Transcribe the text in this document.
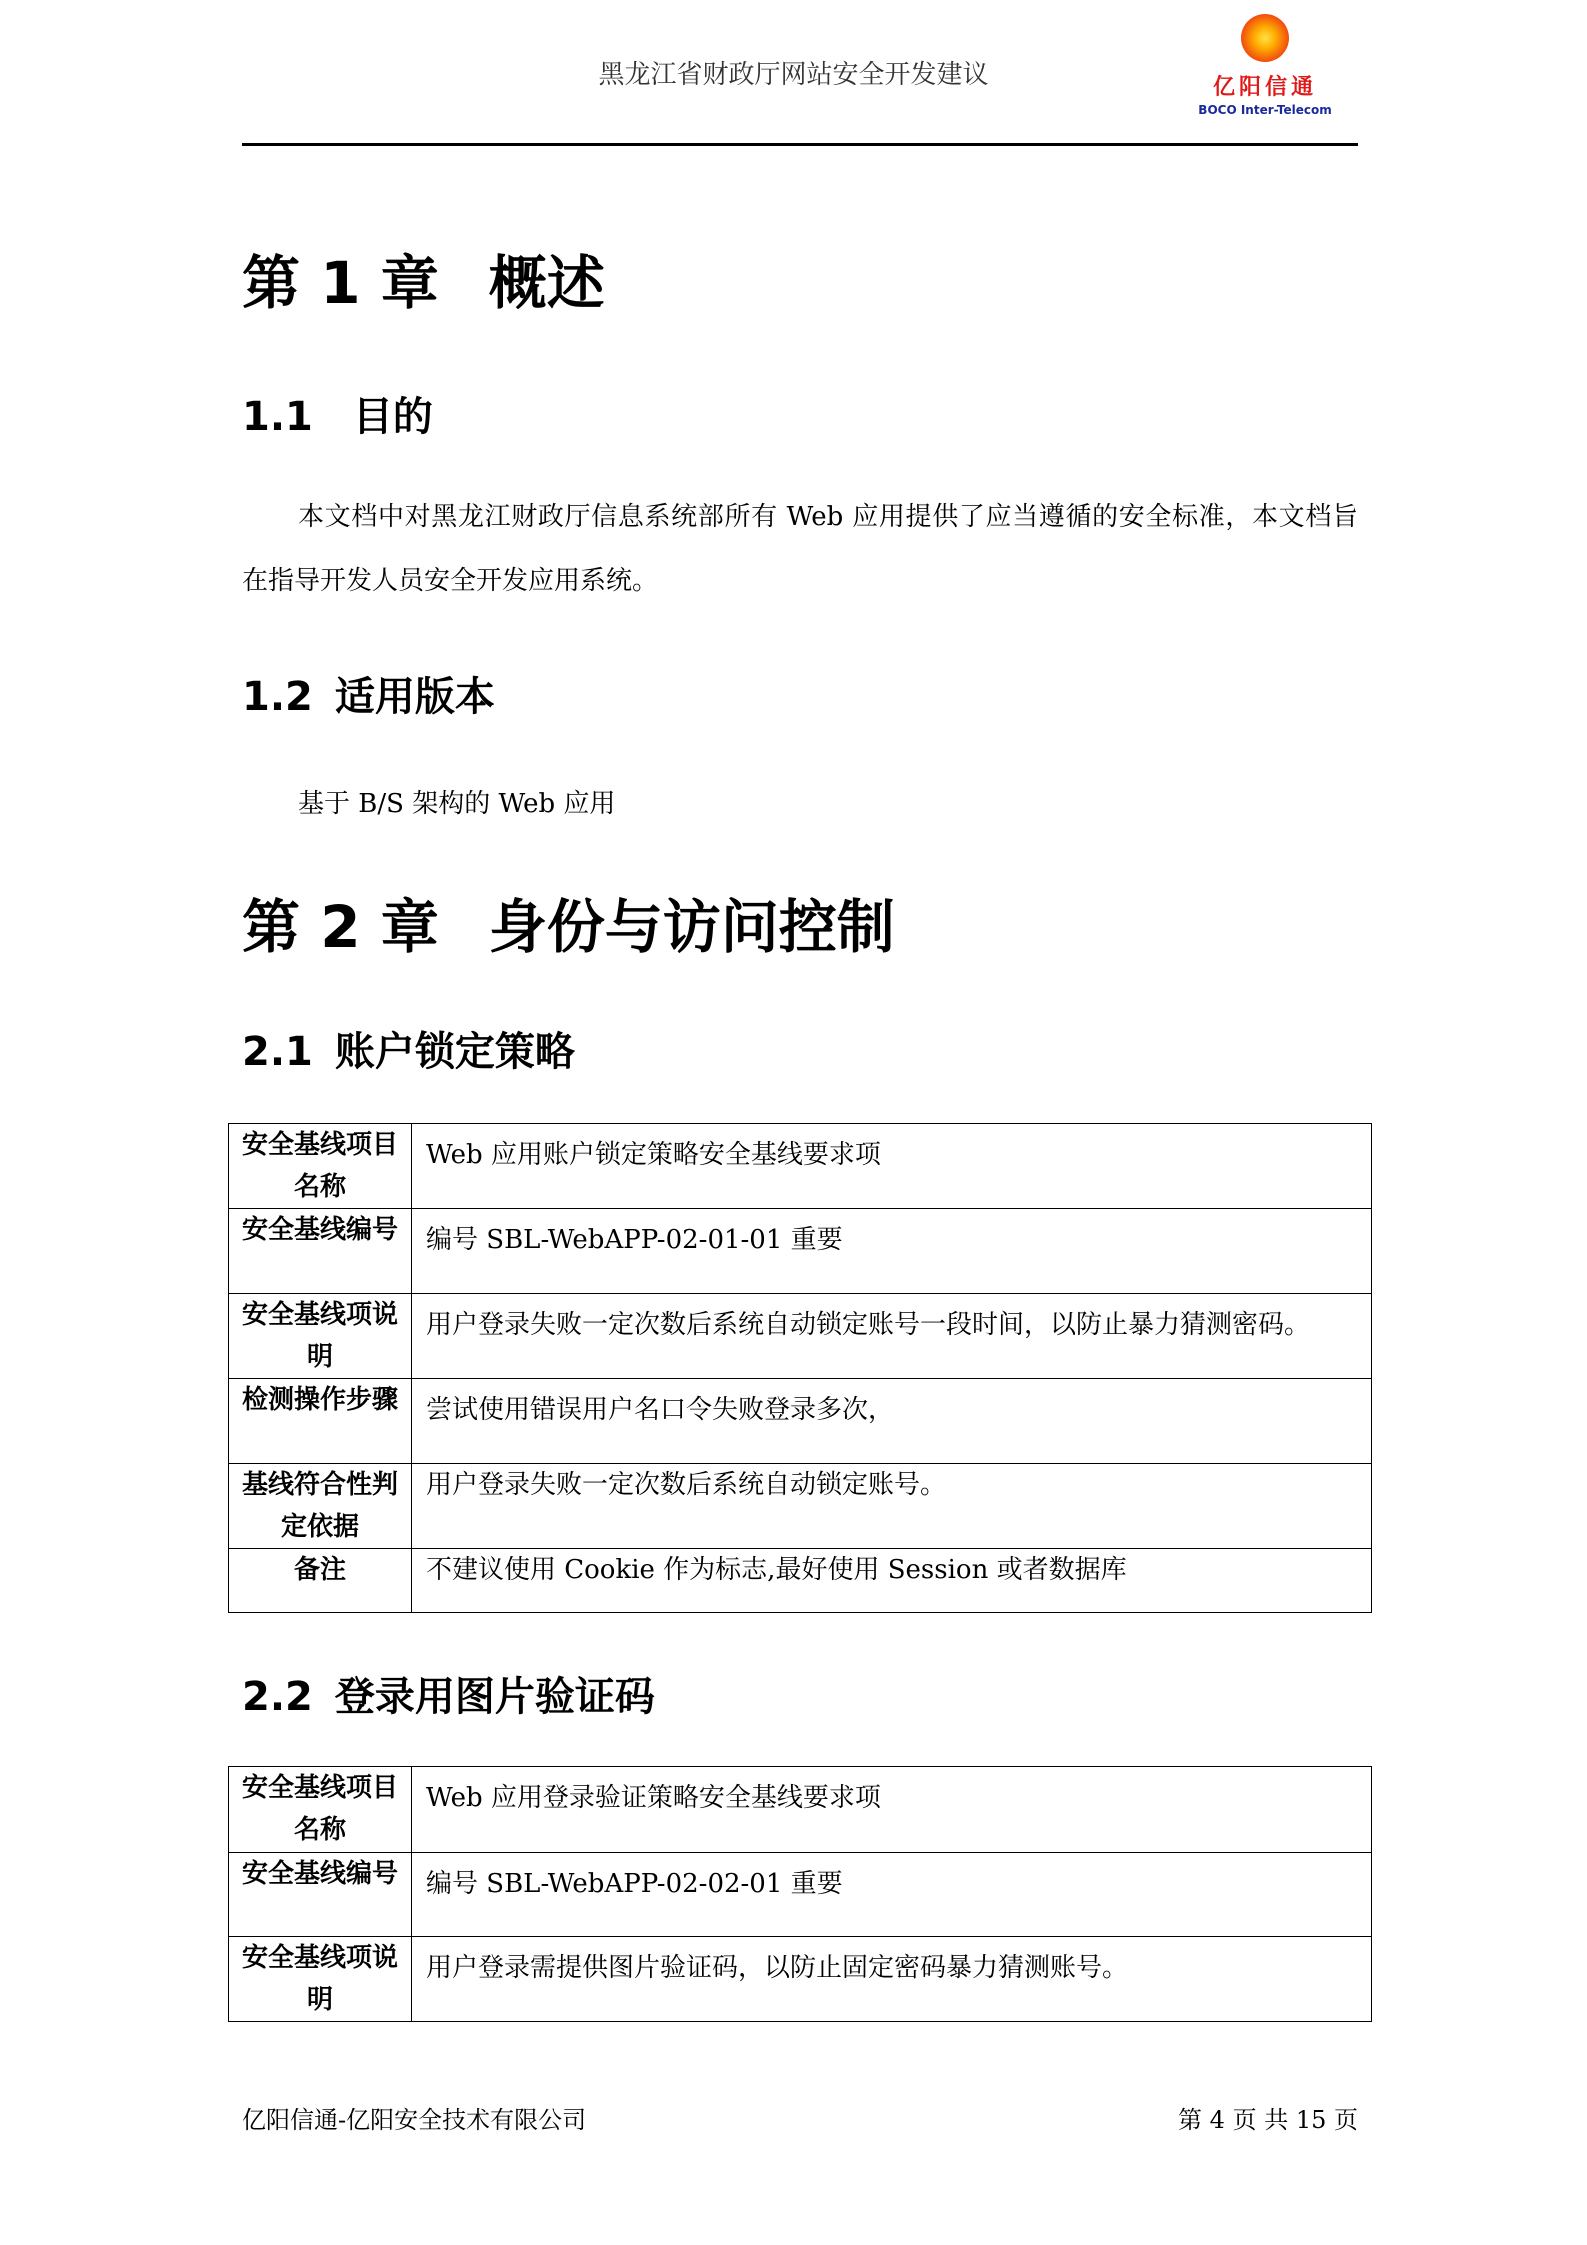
黑龙江省财政厅网站安全开发建议	亿阳信通
BOCO Inter-Telecom
第 1 章 概述
1.1 目的
本文档中对黑龙江财政厅信息系统部所有 Web 应用提供了应当遵循的安全标准，本文档旨在指导开发人员安全开发应用系统。
1.2 适用版本
基于 B/S 架构的 Web 应用
第 2 章 身份与访问控制
2.1 账户锁定策略
安全基线项目名称	Web 应用账户锁定策略安全基线要求项
安全基线编号	编号 SBL-WebAPP-02-01-01 重要
安全基线项说明	用户登录失败一定次数后系统自动锁定账号一段时间，以防止暴力猜测密码。
检测操作步骤	尝试使用错误用户名口令失败登录多次，
基线符合性判定依据	用户登录失败一定次数后系统自动锁定账号。
备注	不建议使用 Cookie 作为标志,最好使用 Session 或者数据库
2.2 登录用图片验证码
安全基线项目名称	Web 应用登录验证策略安全基线要求项
安全基线编号	编号 SBL-WebAPP-02-02-01 重要
安全基线项说明	用户登录需提供图片验证码，以防止固定密码暴力猜测账号。
亿阳信通-亿阳安全技术有限公司	第 4 页 共 15 页
